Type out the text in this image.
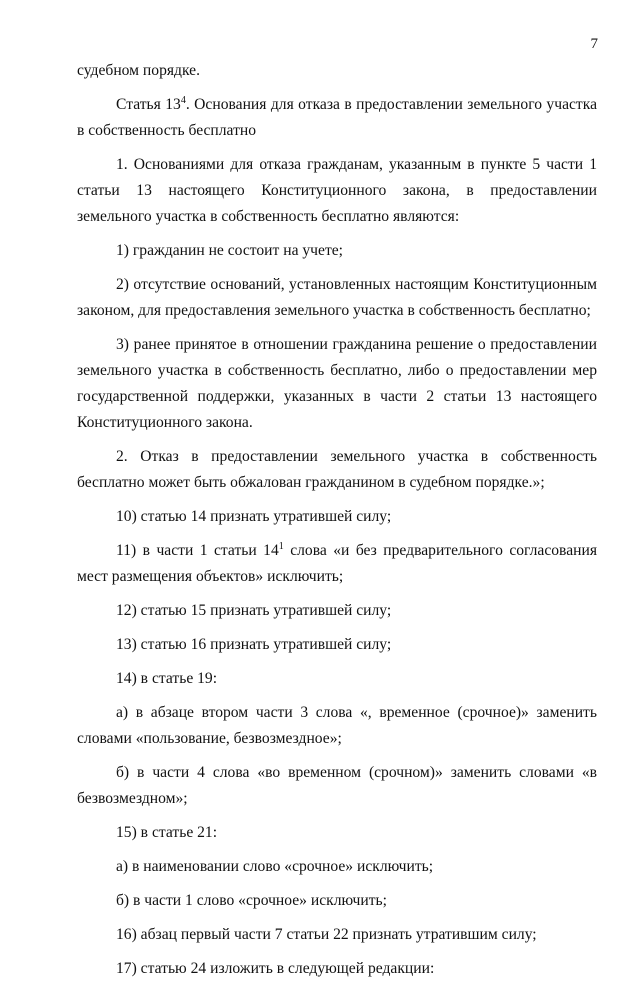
7

судебном порядке.

Статья $13^4$. Основания для отказа в предоставлении земельного участка в собственность бесплатно

1. Основаниями для отказа гражданам, указанным в пункте 5 части 1 статьи 13 настоящего Конституционного закона, в предоставлении земельного участка в собственность бесплатно являются:

1) гражданин не состоит на учете;

2) отсутствие оснований, установленных настоящим Конституционным законом, для предоставления земельного участка в собственность бесплатно;

3) ранее принятое в отношении гражданина решение о предоставлении земельного участка в собственность бесплатно, либо о предоставлении мер государственной поддержки, указанных в части 2 статьи 13 настоящего Конституционного закона.

2. Отказ в предоставлении земельного участка в собственность бесплатно может быть обжалован гражданином в судебном порядке.»;

10) статью 14 признать утратившей силу;

11) в части 1 статьи $14^1$ слова «и без предварительного согласования мест размещения объектов» исключить;

12) статью 15 признать утратившей силу;

13) статью 16 признать утратившей силу;

14) в статье 19:

а) в абзаце втором части 3 слова «, временное (срочное)» заменить словами «пользование, безвозмездное»;

б) в части 4 слова «во временном (срочном)» заменить словами «в безвозмездном»;

15) в статье 21:

а) в наименовании слово «срочное» исключить;

б) в части 1 слово «срочное» исключить;

16) абзац первый части 7 статьи 22 признать утратившим силу;

17) статью 24 изложить в следующей редакции:
